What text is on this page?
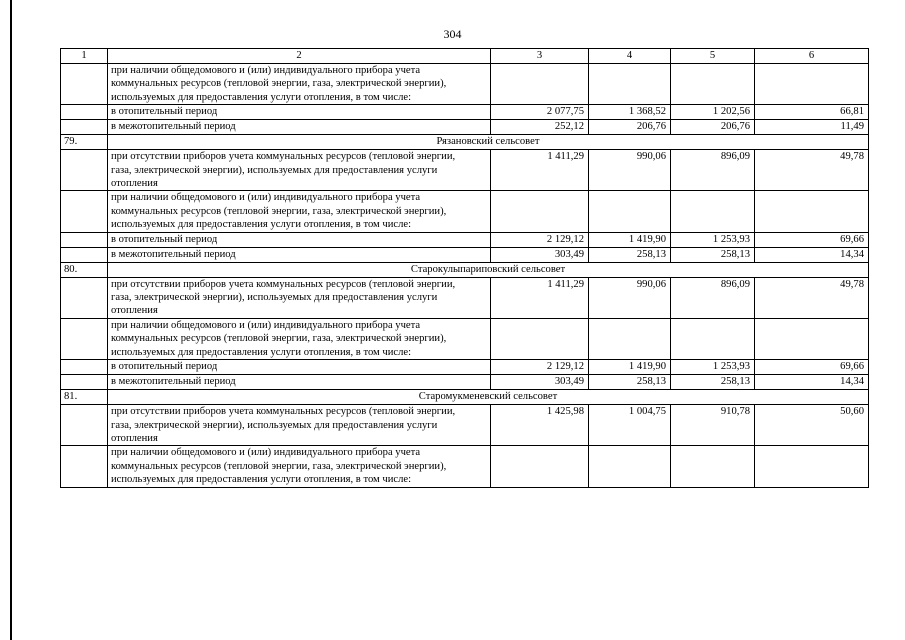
304
1	2	3	4	5	6
	при наличии общедомового и (или) индивидуального прибора учета коммунальных ресурсов (тепловой энергии, газа, электрической энергии), используемых для предоставления услуги отопления, в том числе:				
	в отопительный период	2 077,75	1 368,52	1 202,56	66,81
	в межотопительный период	252,12	206,76	206,76	11,49
79.	Рязановский сельсовет				
	при отсутствии приборов учета коммунальных ресурсов (тепловой энергии, газа, электрической энергии), используемых для предоставления услуги отопления	1 411,29	990,06	896,09	49,78
	при наличии общедомового и (или) индивидуального прибора учета коммунальных ресурсов (тепловой энергии, газа, электрической энергии), используемых для предоставления услуги отопления, в том числе:				
	в отопительный период	2 129,12	1 419,90	1 253,93	69,66
	в межотопительный период	303,49	258,13	258,13	14,34
80.	Старокулыпариповский сельсовет				
	при отсутствии приборов учета коммунальных ресурсов (тепловой энергии, газа, электрической энергии), используемых для предоставления услуги отопления	1 411,29	990,06	896,09	49,78
	при наличии общедомового и (или) индивидуального прибора учета коммунальных ресурсов (тепловой энергии, газа, электрической энергии), используемых для предоставления услуги отопления, в том числе:				
	в отопительный период	2 129,12	1 419,90	1 253,93	69,66
	в межотопительный период	303,49	258,13	258,13	14,34
81.	Старомукменевский сельсовет				
	при отсутствии приборов учета коммунальных ресурсов (тепловой энергии, газа, электрической энергии), используемых для предоставления услуги отопления	1 425,98	1 004,75	910,78	50,60
	при наличии общедомового и (или) индивидуального прибора учета коммунальных ресурсов (тепловой энергии, газа, электрической энергии), используемых для предоставления услуги отопления, в том числе:				
